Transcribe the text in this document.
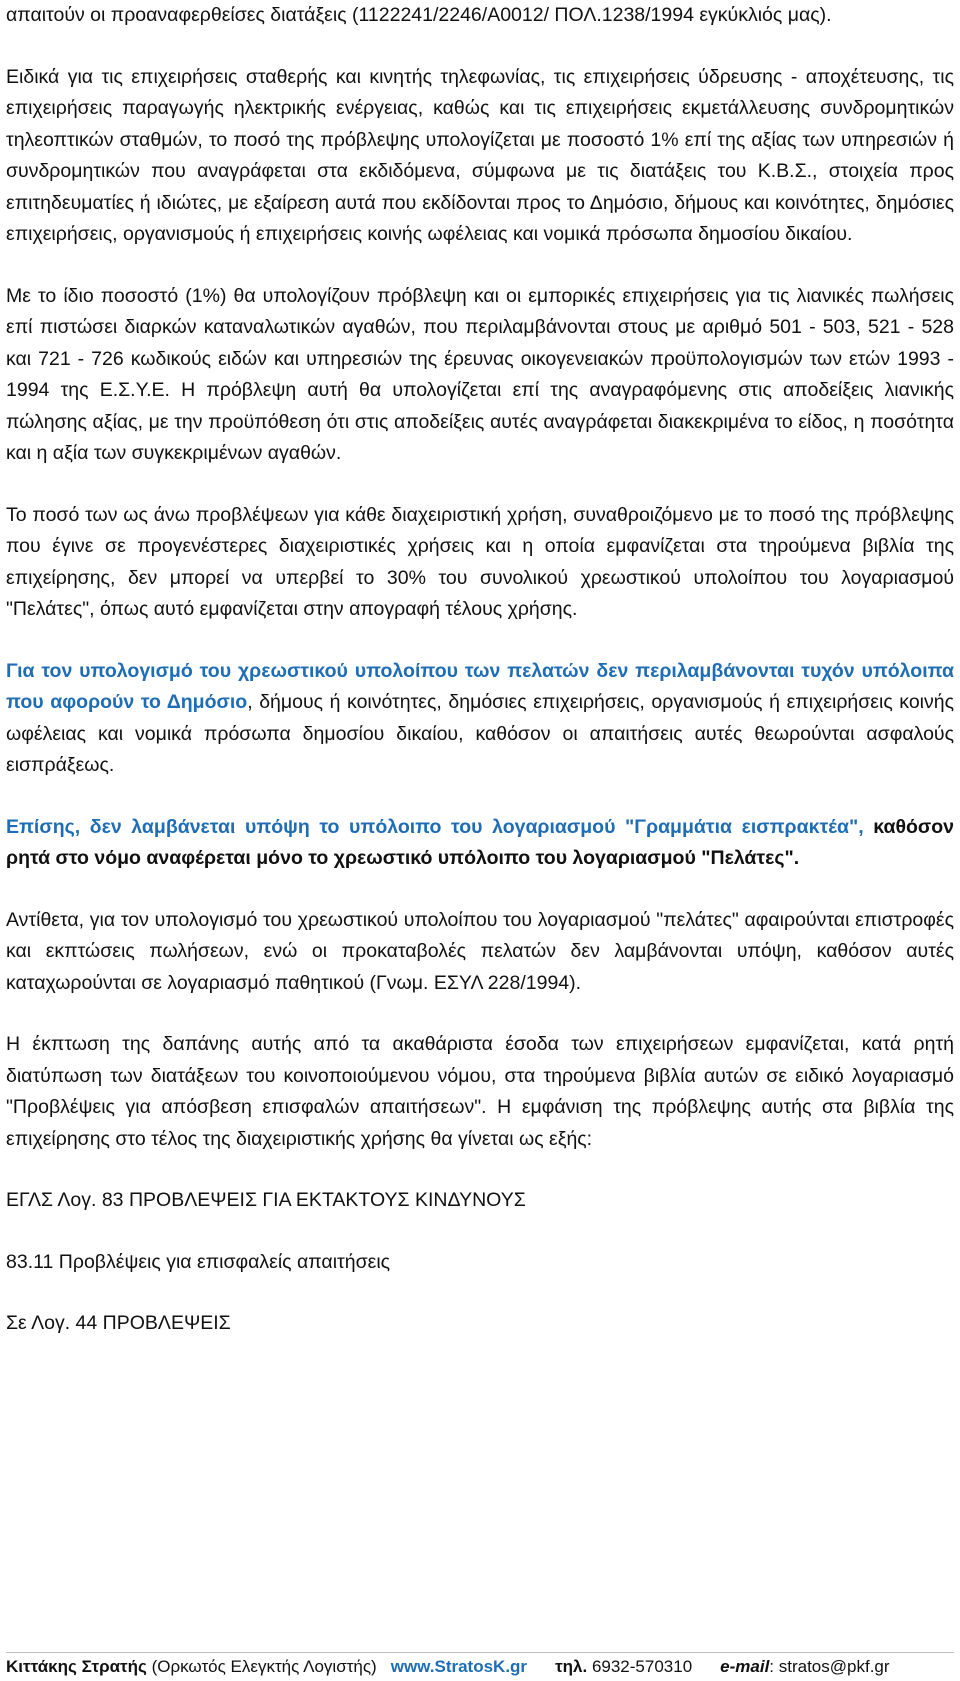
απαιτούν οι προαναφερθείσες διατάξεις (1122241/2246/Α0012/ ΠΟΛ.1238/1994 εγκύκλιός μας).

Ειδικά για τις επιχειρήσεις σταθερής και κινητής τηλεφωνίας, τις επιχειρήσεις ύδρευσης - αποχέτευσης, τις επιχειρήσεις παραγωγής ηλεκτρικής ενέργειας, καθώς και τις επιχειρήσεις εκμετάλλευσης συνδρομητικών τηλεοπτικών σταθμών, το ποσό της πρόβλεψης υπολογίζεται με ποσοστό 1% επί της αξίας των υπηρεσιών ή συνδρομητικών που αναγράφεται στα εκδιδόμενα, σύμφωνα με τις διατάξεις του Κ.Β.Σ., στοιχεία προς επιτηδευματίες ή ιδιώτες, με εξαίρεση αυτά που εκδίδονται προς το Δημόσιο, δήμους και κοινότητες, δημόσιες επιχειρήσεις, οργανισμούς ή επιχειρήσεις κοινής ωφέλειας και νομικά πρόσωπα δημοσίου δικαίου.

Με το ίδιο ποσοστό (1%) θα υπολογίζουν πρόβλεψη και οι εμπορικές επιχειρήσεις για τις λιανικές πωλήσεις επί πιστώσει διαρκών καταναλωτικών αγαθών, που περιλαμβάνονται στους με αριθμό 501 - 503, 521 - 528 και 721 - 726 κωδικούς ειδών και υπηρεσιών της έρευνας οικογενειακών προϋπολογισμών των ετών 1993 - 1994 της Ε.Σ.Υ.Ε. Η πρόβλεψη αυτή θα υπολογίζεται επί της αναγραφόμενης στις αποδείξεις λιανικής πώλησης αξίας, με την προϋπόθεση ότι στις αποδείξεις αυτές αναγράφεται διακεκριμένα το είδος, η ποσότητα και η αξία των συγκεκριμένων αγαθών.

Το ποσό των ως άνω προβλέψεων για κάθε διαχειριστική χρήση, συναθροιζόμενο με το ποσό της πρόβλεψης που έγινε σε προγενέστερες διαχειριστικές χρήσεις και η οποία εμφανίζεται στα τηρούμενα βιβλία της επιχείρησης, δεν μπορεί να υπερβεί το 30% του συνολικού χρεωστικού υπολοίπου του λογαριασμού "Πελάτες", όπως αυτό εμφανίζεται στην απογραφή τέλους χρήσης.

Για τον υπολογισμό του χρεωστικού υπολοίπου των πελατών δεν περιλαμβάνονται τυχόν υπόλοιπα που αφορούν το Δημόσιο, δήμους ή κοινότητες, δημόσιες επιχειρήσεις, οργανισμούς ή επιχειρήσεις κοινής ωφέλειας και νομικά πρόσωπα δημοσίου δικαίου, καθόσον οι απαιτήσεις αυτές θεωρούνται ασφαλούς εισπράξεως.

Επίσης, δεν λαμβάνεται υπόψη το υπόλοιπο του λογαριασμού "Γραμμάτια εισπρακτέα", καθόσον ρητά στο νόμο αναφέρεται μόνο το χρεωστικό υπόλοιπο του λογαριασμού "Πελάτες".

Αντίθετα, για τον υπολογισμό του χρεωστικού υπολοίπου του λογαριασμού "πελάτες" αφαιρούνται επιστροφές και εκπτώσεις πωλήσεων, ενώ οι προκαταβολές πελατών δεν λαμβάνονται υπόψη, καθόσον αυτές καταχωρούνται σε λογαριασμό παθητικού (Γνωμ. ΕΣΥΛ 228/1994).

Η έκπτωση της δαπάνης αυτής από τα ακαθάριστα έσοδα των επιχειρήσεων εμφανίζεται, κατά ρητή διατύπωση των διατάξεων του κοινοποιούμενου νόμου, στα τηρούμενα βιβλία αυτών σε ειδικό λογαριασμό "Προβλέψεις για απόσβεση επισφαλών απαιτήσεων". Η εμφάνιση της πρόβλεψης αυτής στα βιβλία της επιχείρησης στο τέλος της διαχειριστικής χρήσης θα γίνεται ως εξής:

ΕΓΛΣ Λογ. 83 ΠΡΟΒΛΕΨΕΙΣ ΓΙΑ ΕΚΤΑΚΤΟΥΣ ΚΙΝΔΥΝΟΥΣ

83.11 Προβλέψεις για επισφαλείς απαιτήσεις

Σε Λογ. 44 ΠΡΟΒΛΕΨΕΙΣ

Κιττάκης Στρατής (Ορκωτός Ελεγκτής Λογιστής) www.StratosK.gr τηλ. 6932-570310 e-mail: stratos@pkf.gr
